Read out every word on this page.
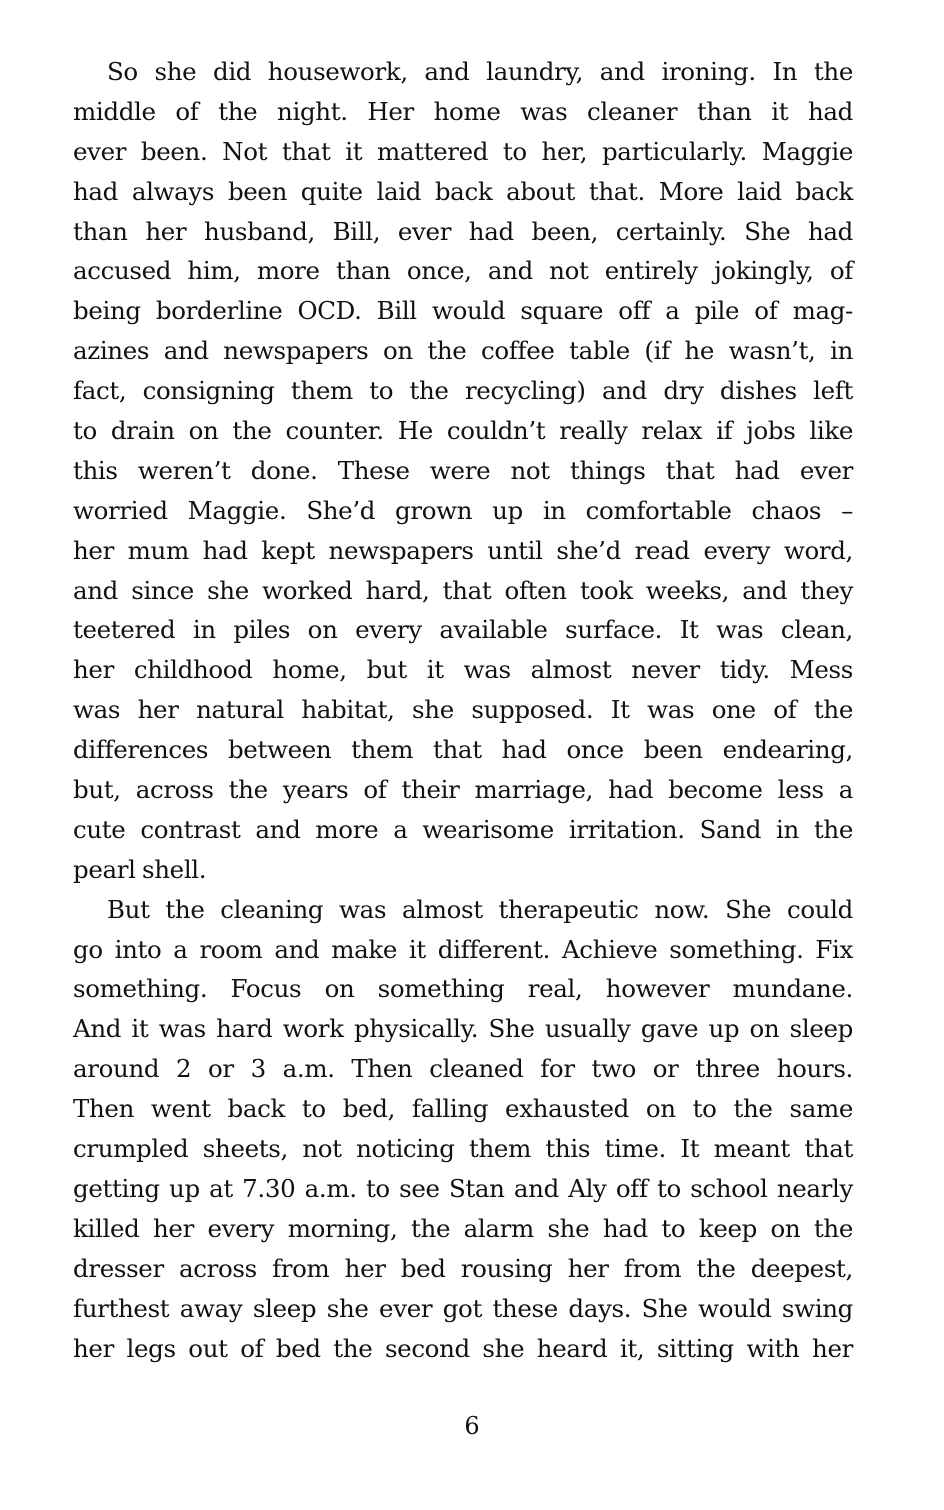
So she did housework, and laundry, and ironing. In the
middle of the night. Her home was cleaner than it had
ever been. Not that it mattered to her, particularly. Maggie
had always been quite laid back about that. More laid back
than her husband, Bill, ever had been, certainly. She had
accused him, more than once, and not entirely jokingly, of
being borderline OCD. Bill would square off a pile of mag-
azines and newspapers on the coffee table (if he wasn’t, in
fact, consigning them to the recycling) and dry dishes left
to drain on the counter. He couldn’t really relax if jobs like
this weren’t done. These were not things that had ever
worried Maggie. She’d grown up in comfortable chaos –
her mum had kept newspapers until she’d read every word,
and since she worked hard, that often took weeks, and they
teetered in piles on every available surface. It was clean,
her childhood home, but it was almost never tidy. Mess
was her natural habitat, she supposed. It was one of the
differences between them that had once been endearing,
but, across the years of their marriage, had become less a
cute contrast and more a wearisome irritation. Sand in the
pearl shell.
But the cleaning was almost therapeutic now. She could
go into a room and make it different. Achieve something. Fix
something. Focus on something real, however mundane.
And it was hard work physically. She usually gave up on sleep
around 2 or 3 a.m. Then cleaned for two or three hours.
Then went back to bed, falling exhausted on to the same
crumpled sheets, not noticing them this time. It meant that
getting up at 7.30 a.m. to see Stan and Aly off to school nearly
killed her every morning, the alarm she had to keep on the
dresser across from her bed rousing her from the deepest,
furthest away sleep she ever got these days. She would swing
her legs out of bed the second she heard it, sitting with her
6
